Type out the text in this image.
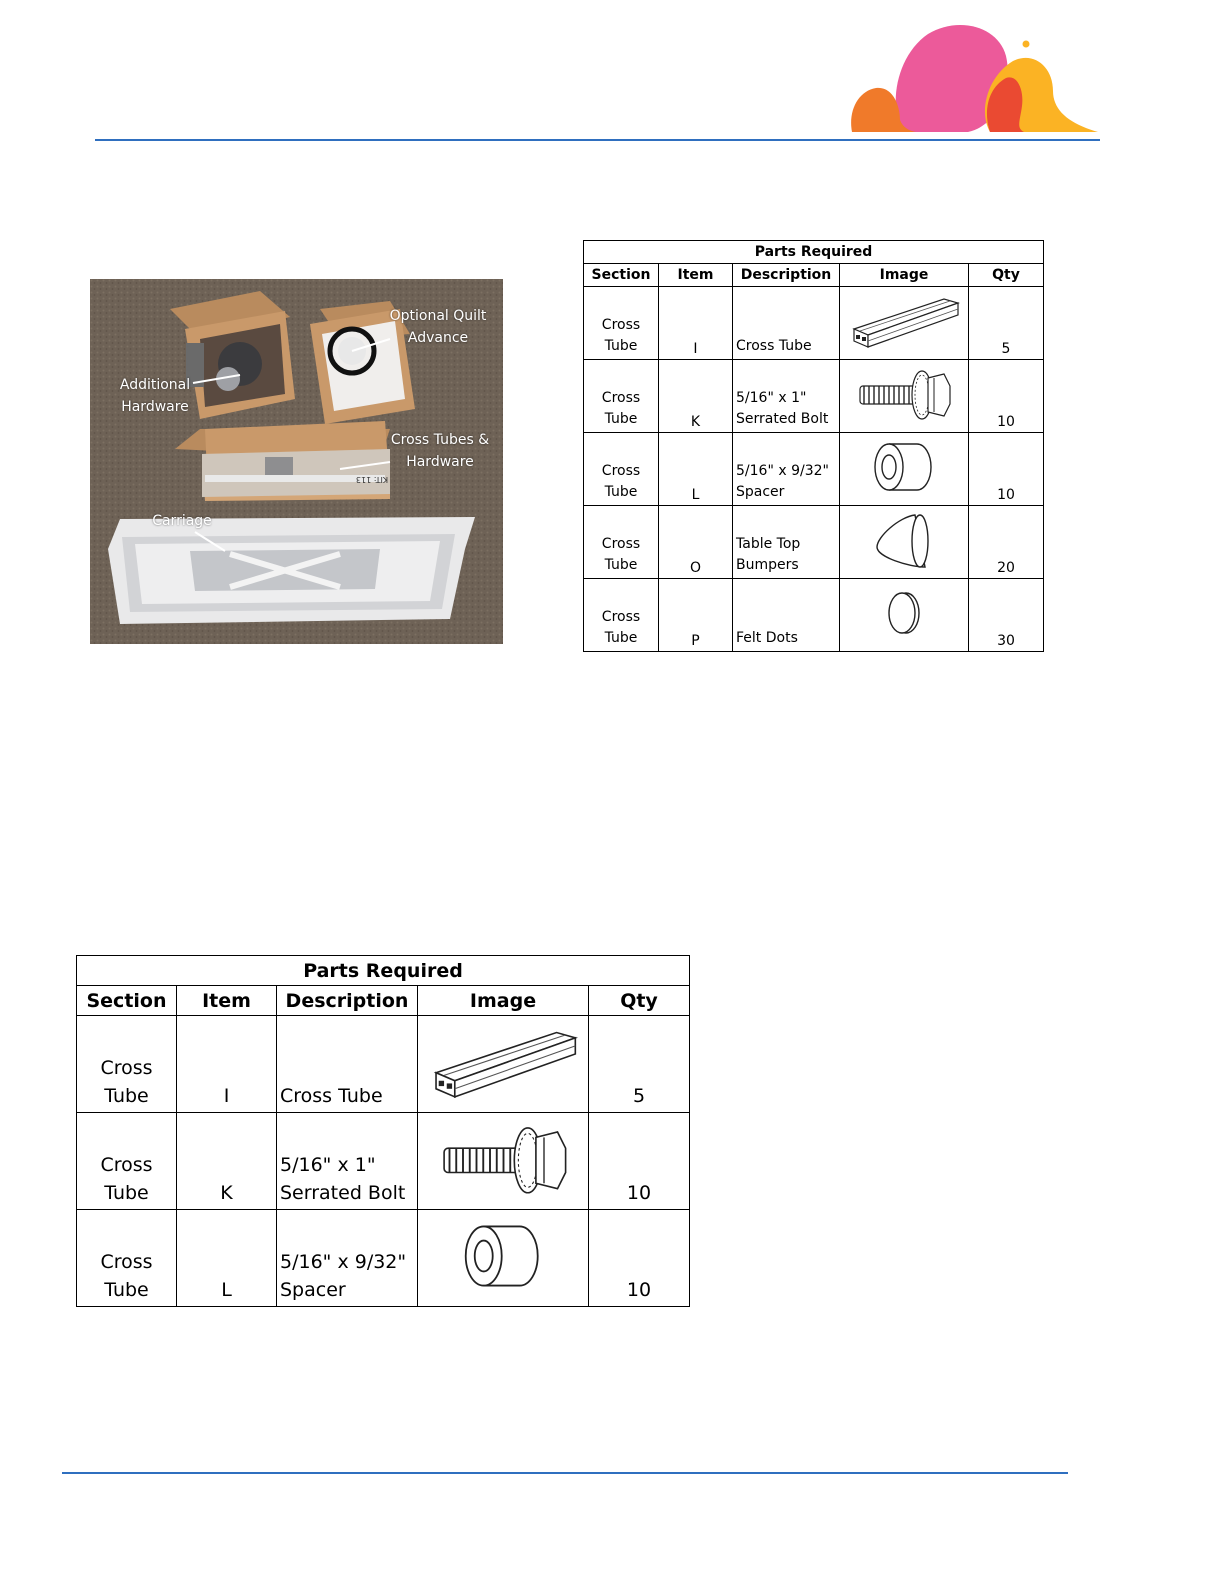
Optional Quilt
Advance
Additional
Hardware
Cross Tubes &
Hardware
Carriage
KIT: 113
Parts Required				
Section	Item	Description	Image	Qty

Cross
Tube	I	Cross Tube		5

Cross
Tube	K	5/16" x 1"
Serrated Bolt		10

Cross
Tube	L	5/16" x 9/32"
Spacer		10

Cross
Tube	O	Table Top
Bumpers		20

Cross
Tube	P	Felt Dots		30
Parts Required				
Section	Item	Description	Image	Qty

Cross
Tube	I	Cross Tube		5

Cross
Tube	K	5/16" x 1"
Serrated Bolt		10

Cross
Tube	L	5/16" x 9/32"
Spacer		10
